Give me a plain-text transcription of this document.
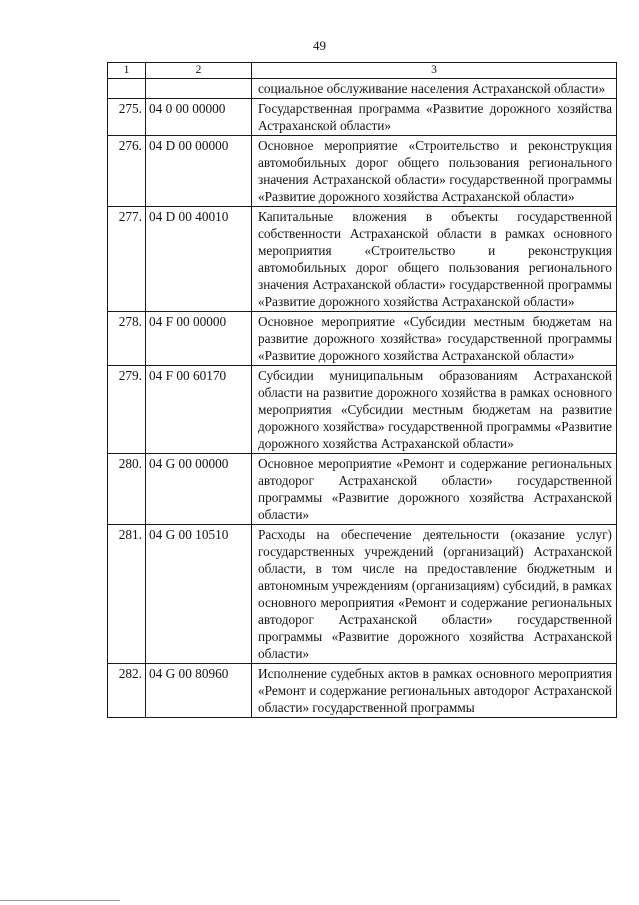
49
1	2	3
		социальное обслуживание населения Астраханской области»
275.	04 0 00 00000	Государственная программа «Развитие дорожного хозяйства Астраханской области»
276.	04 D 00 00000	Основное мероприятие «Строительство и реконструкция автомобильных дорог общего пользования регионального значения Астраханской области» государственной программы «Развитие дорожного хозяйства Астраханской области»
277.	04 D 00 40010	Капитальные вложения в объекты государственной собственности Астраханской области в рамках основного мероприятия «Строительство и реконструкция автомобильных дорог общего пользования регионального значения Астраханской области» государственной программы «Развитие дорожного хозяйства Астраханской области»
278.	04 F 00 00000	Основное мероприятие «Субсидии местным бюджетам на развитие дорожного хозяйства» государственной программы «Развитие дорожного хозяйства Астраханской области»
279.	04 F 00 60170	Субсидии муниципальным образованиям Астраханской области на развитие дорожного хозяйства в рамках основного мероприятия «Субсидии местным бюджетам на развитие дорожного хозяйства» государственной программы «Развитие дорожного хозяйства Астраханской области»
280.	04 G 00 00000	Основное мероприятие «Ремонт и содержание региональных автодорог Астраханской области» государственной программы «Развитие дорожного хозяйства Астраханской области»
281.	04 G 00 10510	Расходы на обеспечение деятельности (оказание услуг) государственных учреждений (организаций) Астраханской области, в том числе на предоставление бюджетным и автономным учреждениям (организациям) субсидий, в рамках основного мероприятия «Ремонт и содержание региональных автодорог Астраханской области» государственной программы «Развитие дорожного хозяйства Астраханской области»
282.	04 G 00 80960	Исполнение судебных актов в рамках основного мероприятия «Ремонт и содержание региональных автодорог Астраханской области» государственной программы
